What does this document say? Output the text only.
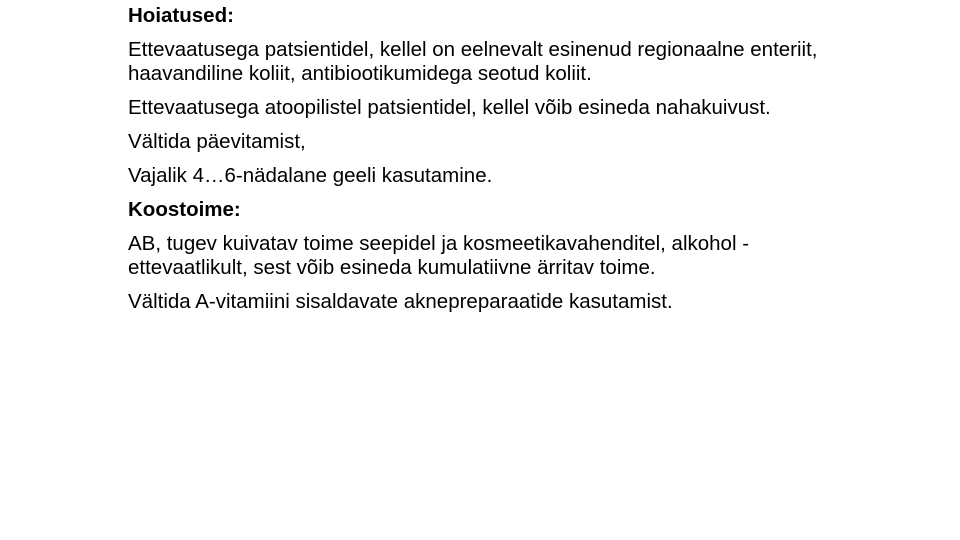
Hoiatused:

Ettevaatusega patsientidel, kellel on eelnevalt esinenud regionaalne enteriit, haavandiline koliit, antibiootikumidega seotud koliit.

Ettevaatusega atoopilistel patsientidel, kellel võib esineda nahakuivust.

Vältida päevitamist,

Vajalik 4…6-nädalane geeli kasutamine.

Koostoime:

AB, tugev kuivatav toime seepidel ja kosmeetikavahenditel, alkohol -ettevaatlikult, sest võib esineda kumulatiivne ärritav toime.

Vältida A-vitamiini sisaldavate aknepreparaatide kasutamist.
